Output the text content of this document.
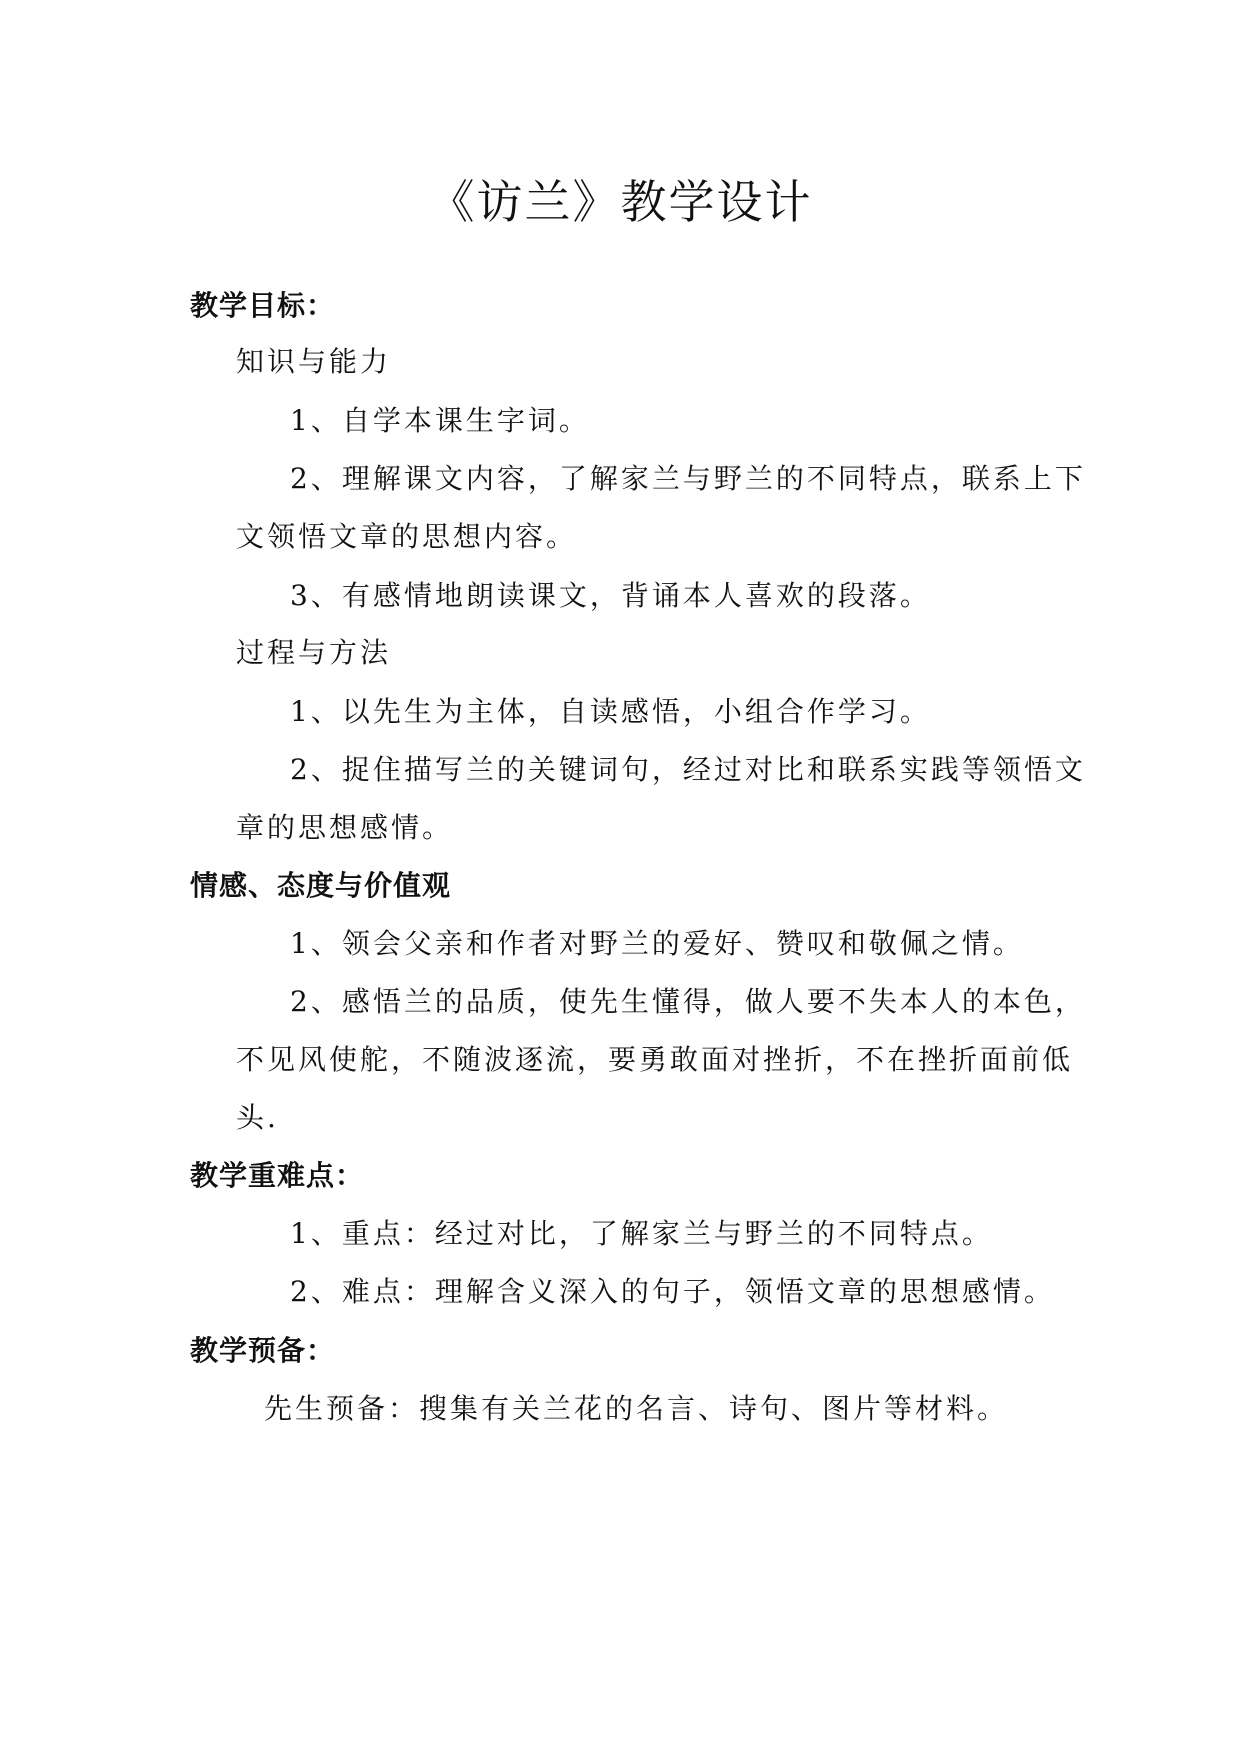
《访兰》教学设计
教学目标：
知识与能力
1、自学本课生字词。
2、理解课文内容，了解家兰与野兰的不同特点，联系上下
文领悟文章的思想内容。
3、有感情地朗读课文，背诵本人喜欢的段落。
过程与方法
1、以先生为主体，自读感悟，小组合作学习。
2、捉住描写兰的关键词句，经过对比和联系实践等领悟文
章的思想感情。
情感、态度与价值观
1、领会父亲和作者对野兰的爱好、赞叹和敬佩之情。
2、感悟兰的品质，使先生懂得，做人要不失本人的本色，
不见风使舵，不随波逐流，要勇敢面对挫折，不在挫折面前低
头.
教学重难点：
1、重点：经过对比，了解家兰与野兰的不同特点。
2、难点：理解含义深入的句子，领悟文章的思想感情。
教学预备：
先生预备：搜集有关兰花的名言、诗句、图片等材料。
